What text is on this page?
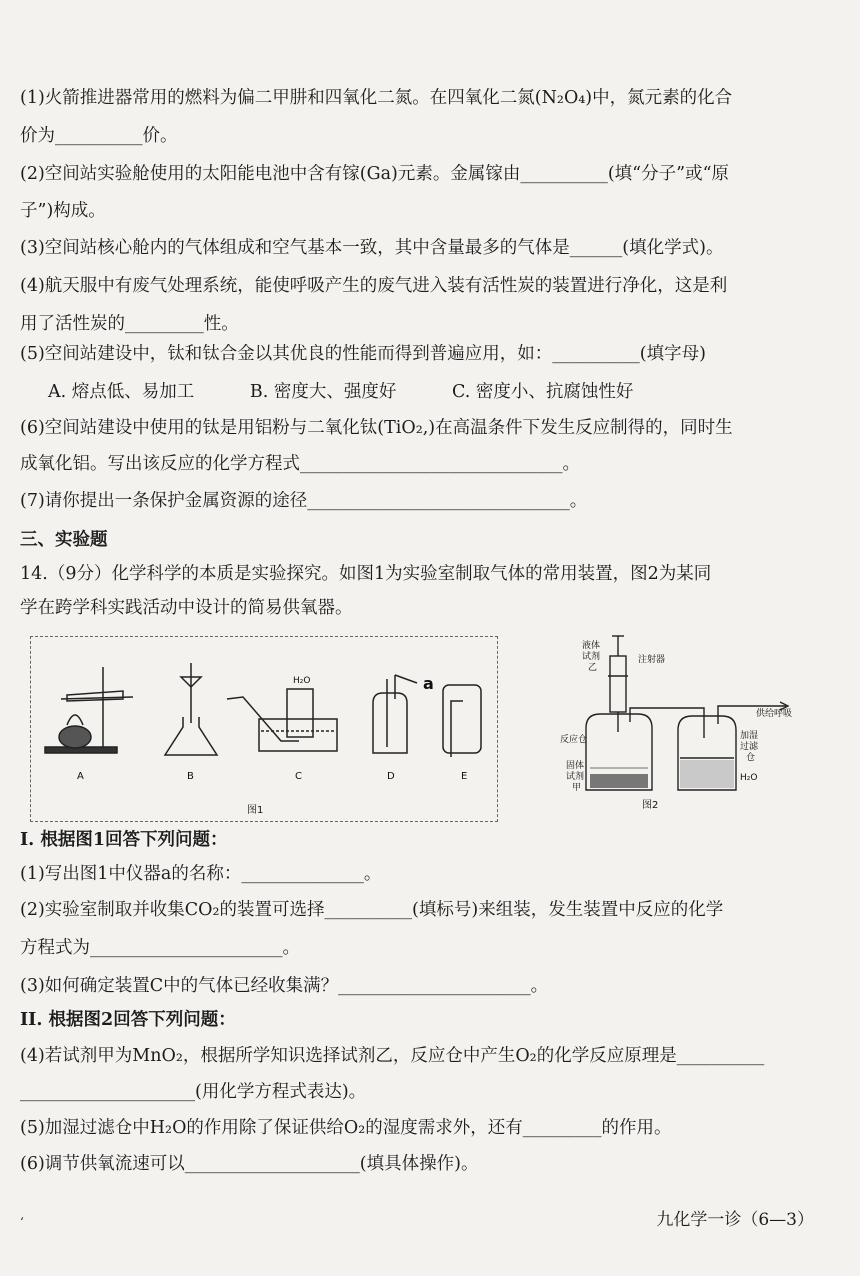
(1)火箭推进器常用的燃料为偏二甲肼和四氧化二氮。在四氧化二氮(N₂O₄)中，氮元素的化合
价为__________价。
(2)空间站实验舱使用的太阳能电池中含有镓(Ga)元素。金属镓由__________(填“分子”或“原
子”)构成。
(3)空间站核心舱内的气体组成和空气基本一致，其中含量最多的气体是______(填化学式)。
(4)航天服中有废气处理系统，能使呼吸产生的废气进入装有活性炭的装置进行净化，这是利
用了活性炭的_________性。
(5)空间站建设中，钛和钛合金以其优良的性能而得到普遍应用，如：__________(填字母)
A. 熔点低、易加工          B. 密度大、强度好          C. 密度小、抗腐蚀性好
(6)空间站建设中使用的钛是用铝粉与二氧化钛(TiO₂,)在高温条件下发生反应制得的，同时生
成氧化铝。写出该反应的化学方程式______________________________。
(7)请你提出一条保护金属资源的途径______________________________。
三、实验题
14.（9分）化学科学的本质是实验探究。如图1为实验室制取气体的常用装置，图2为某同
学在跨学科实践活动中设计的简易供氧器。
a
H₂O
A	B	C	D	E
图1
液体 试剂 乙
注射器
供给呼吸
反应仓
固体 试剂 甲
加湿 过滤 仓
H₂O
图2
I. 根据图1回答下列问题：
(1)写出图1中仪器a的名称：______________。
(2)实验室制取并收集CO₂的装置可选择__________(填标号)来组装，发生装置中反应的化学
方程式为______________________。
(3)如何确定装置C中的气体已经收集满？______________________。
II. 根据图2回答下列问题：
(4)若试剂甲为MnO₂，根据所学知识选择试剂乙，反应仓中产生O₂的化学反应原理是__________
____________________(用化学方程式表达)。
(5)加湿过滤仓中H₂O的作用除了保证供给O₂的湿度需求外，还有_________的作用。
(6)调节供氧流速可以____________________(填具体操作)。
‘	九化学一诊（6—3）
